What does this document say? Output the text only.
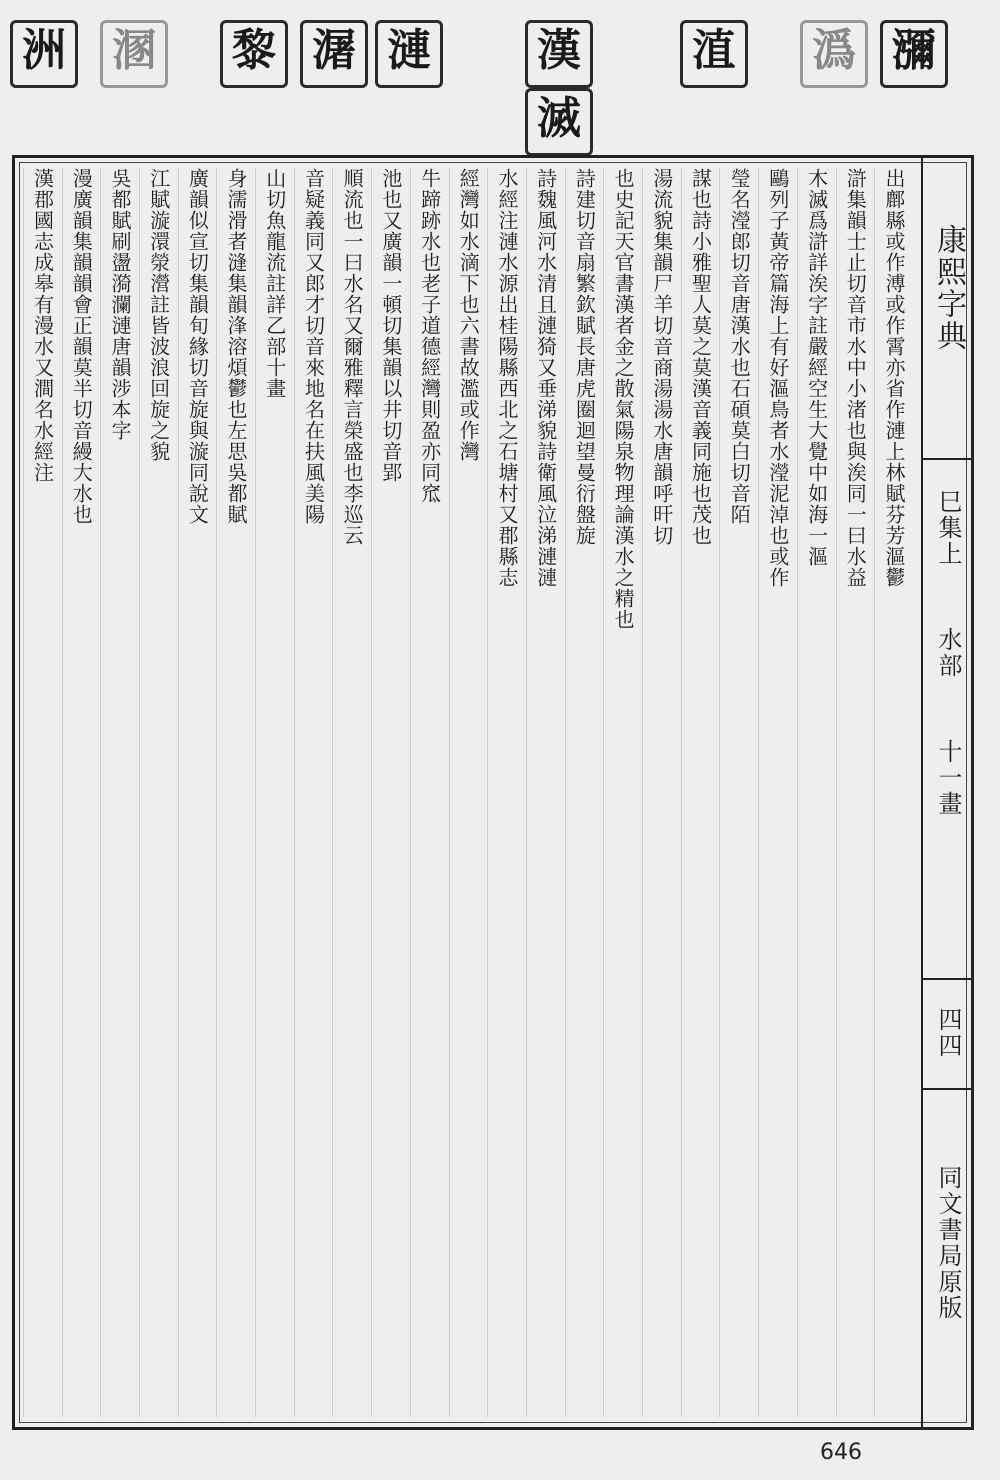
洲 溷 黎 潳 漣 漢
滅
淔 潙 瀰
康熙字典
巳集上
水部
十一畫
四四
同文書局原版
出鄜縣或作溥或作霄亦省作漣上林賦芬芳漚鬱
滸集韻士止切音市水中小渚也與涘同一曰水益
木滅爲滸詳涘字註嚴經空生大覺中如海一漚
鷗列子黃帝篇海上有好漚鳥者水瀅泥淖也或作
瑩名瀅郎切音唐漢水也石碩莫白切音陌
謀也詩小雅聖人莫之莫漢音義同施也茂也
湯流貌集韻尸羊切音商湯湯水唐韻呼旰切
也史記天官書漢者金之散氣陽泉物理論漢水之精也
詩建切音扇繁欽賦長唐虎圈迴望曼衍盤旋
詩魏風河水清且漣猗又垂涕貌詩衛風泣涕漣漣
水經注漣水源出桂陽縣西北之石塘村又郡縣志
經灣如水滴下也六書故濫或作灣
牛蹄跡水也老子道德經灣則盈亦同窊
池也又廣韻一頓切集韻以井切音郢
順流也一曰水名又爾雅釋言榮盛也李巡云
音疑義同又郎才切音來地名在扶風美陽
山切魚龍流註詳乙部十畫
身濡滑者漨集韻浲溶煩鬱也左思吳都賦
廣韻似宣切集韻旬緣切音旋與漩同說文
江賦漩澴滎瀯註皆波浪回旋之貌
吳都賦刷盪漪瀾漣唐韻涉本字
漫廣韻集韻韻會正韻莫半切音縵大水也
漢郡國志成皋有漫水又澗名水經注
646
